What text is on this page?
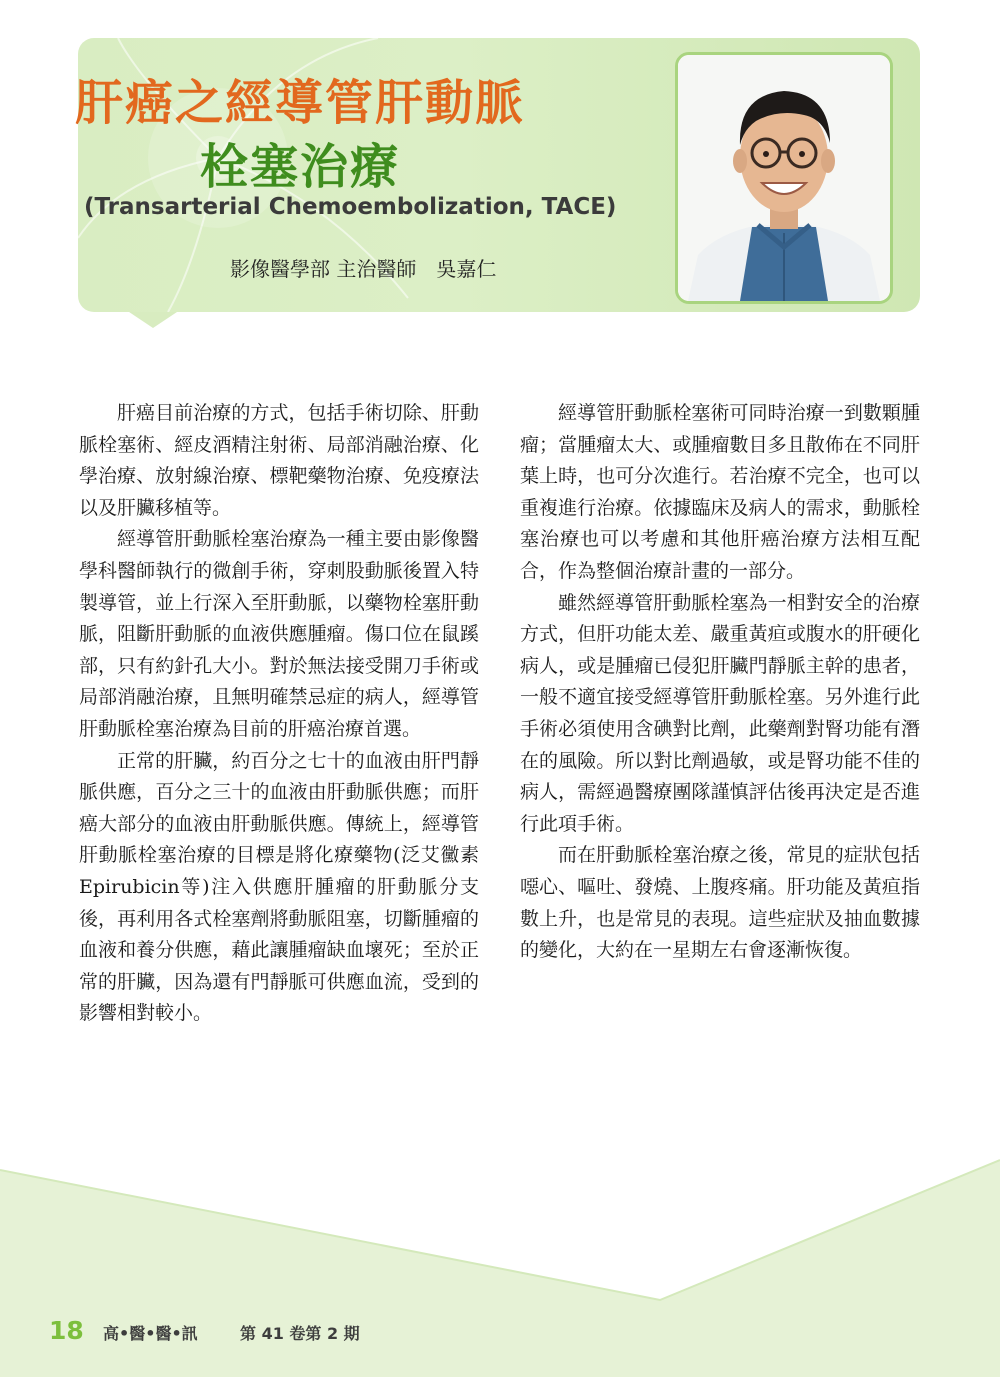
肝癌之經導管肝動脈
栓塞治療
(Transarterial Chemoembolization, TACE)
影像醫學部 主治醫師　吳嘉仁

肝癌目前治療的方式，包括手術切除、肝動脈栓塞術、經皮酒精注射術、局部消融治療、化學治療、放射線治療、標靶藥物治療、免疫療法以及肝臟移植等。

經導管肝動脈栓塞治療為一種主要由影像醫學科醫師執行的微創手術，穿刺股動脈後置入特製導管，並上行深入至肝動脈，以藥物栓塞肝動脈，阻斷肝動脈的血液供應腫瘤。傷口位在鼠蹊部，只有約針孔大小。對於無法接受開刀手術或局部消融治療，且無明確禁忌症的病人，經導管肝動脈栓塞治療為目前的肝癌治療首選。

正常的肝臟，約百分之七十的血液由肝門靜脈供應，百分之三十的血液由肝動脈供應；而肝癌大部分的血液由肝動脈供應。傳統上，經導管肝動脈栓塞治療的目標是將化療藥物(泛艾黴素 Epirubicin等)注入供應肝腫瘤的肝動脈分支後，再利用各式栓塞劑將動脈阻塞，切斷腫瘤的血液和養分供應，藉此讓腫瘤缺血壞死；至於正常的肝臟，因為還有門靜脈可供應血流，受到的影響相對較小。

經導管肝動脈栓塞術可同時治療一到數顆腫瘤；當腫瘤太大、或腫瘤數目多且散佈在不同肝葉上時，也可分次進行。若治療不完全，也可以重複進行治療。依據臨床及病人的需求，動脈栓塞治療也可以考慮和其他肝癌治療方法相互配合，作為整個治療計畫的一部分。

雖然經導管肝動脈栓塞為一相對安全的治療方式，但肝功能太差、嚴重黃疸或腹水的肝硬化病人，或是腫瘤已侵犯肝臟門靜脈主幹的患者，一般不適宜接受經導管肝動脈栓塞。另外進行此手術必須使用含碘對比劑，此藥劑對腎功能有潛在的風險。所以對比劑過敏，或是腎功能不佳的病人，需經過醫療團隊謹慎評估後再決定是否進行此項手術。

而在肝動脈栓塞治療之後，常見的症狀包括噁心、嘔吐、發燒、上腹疼痛。肝功能及黃疸指數上升，也是常見的表現。這些症狀及抽血數據的變化，大約在一星期左右會逐漸恢復。

18 高•醫•醫•訊	第 41 卷第 2 期
